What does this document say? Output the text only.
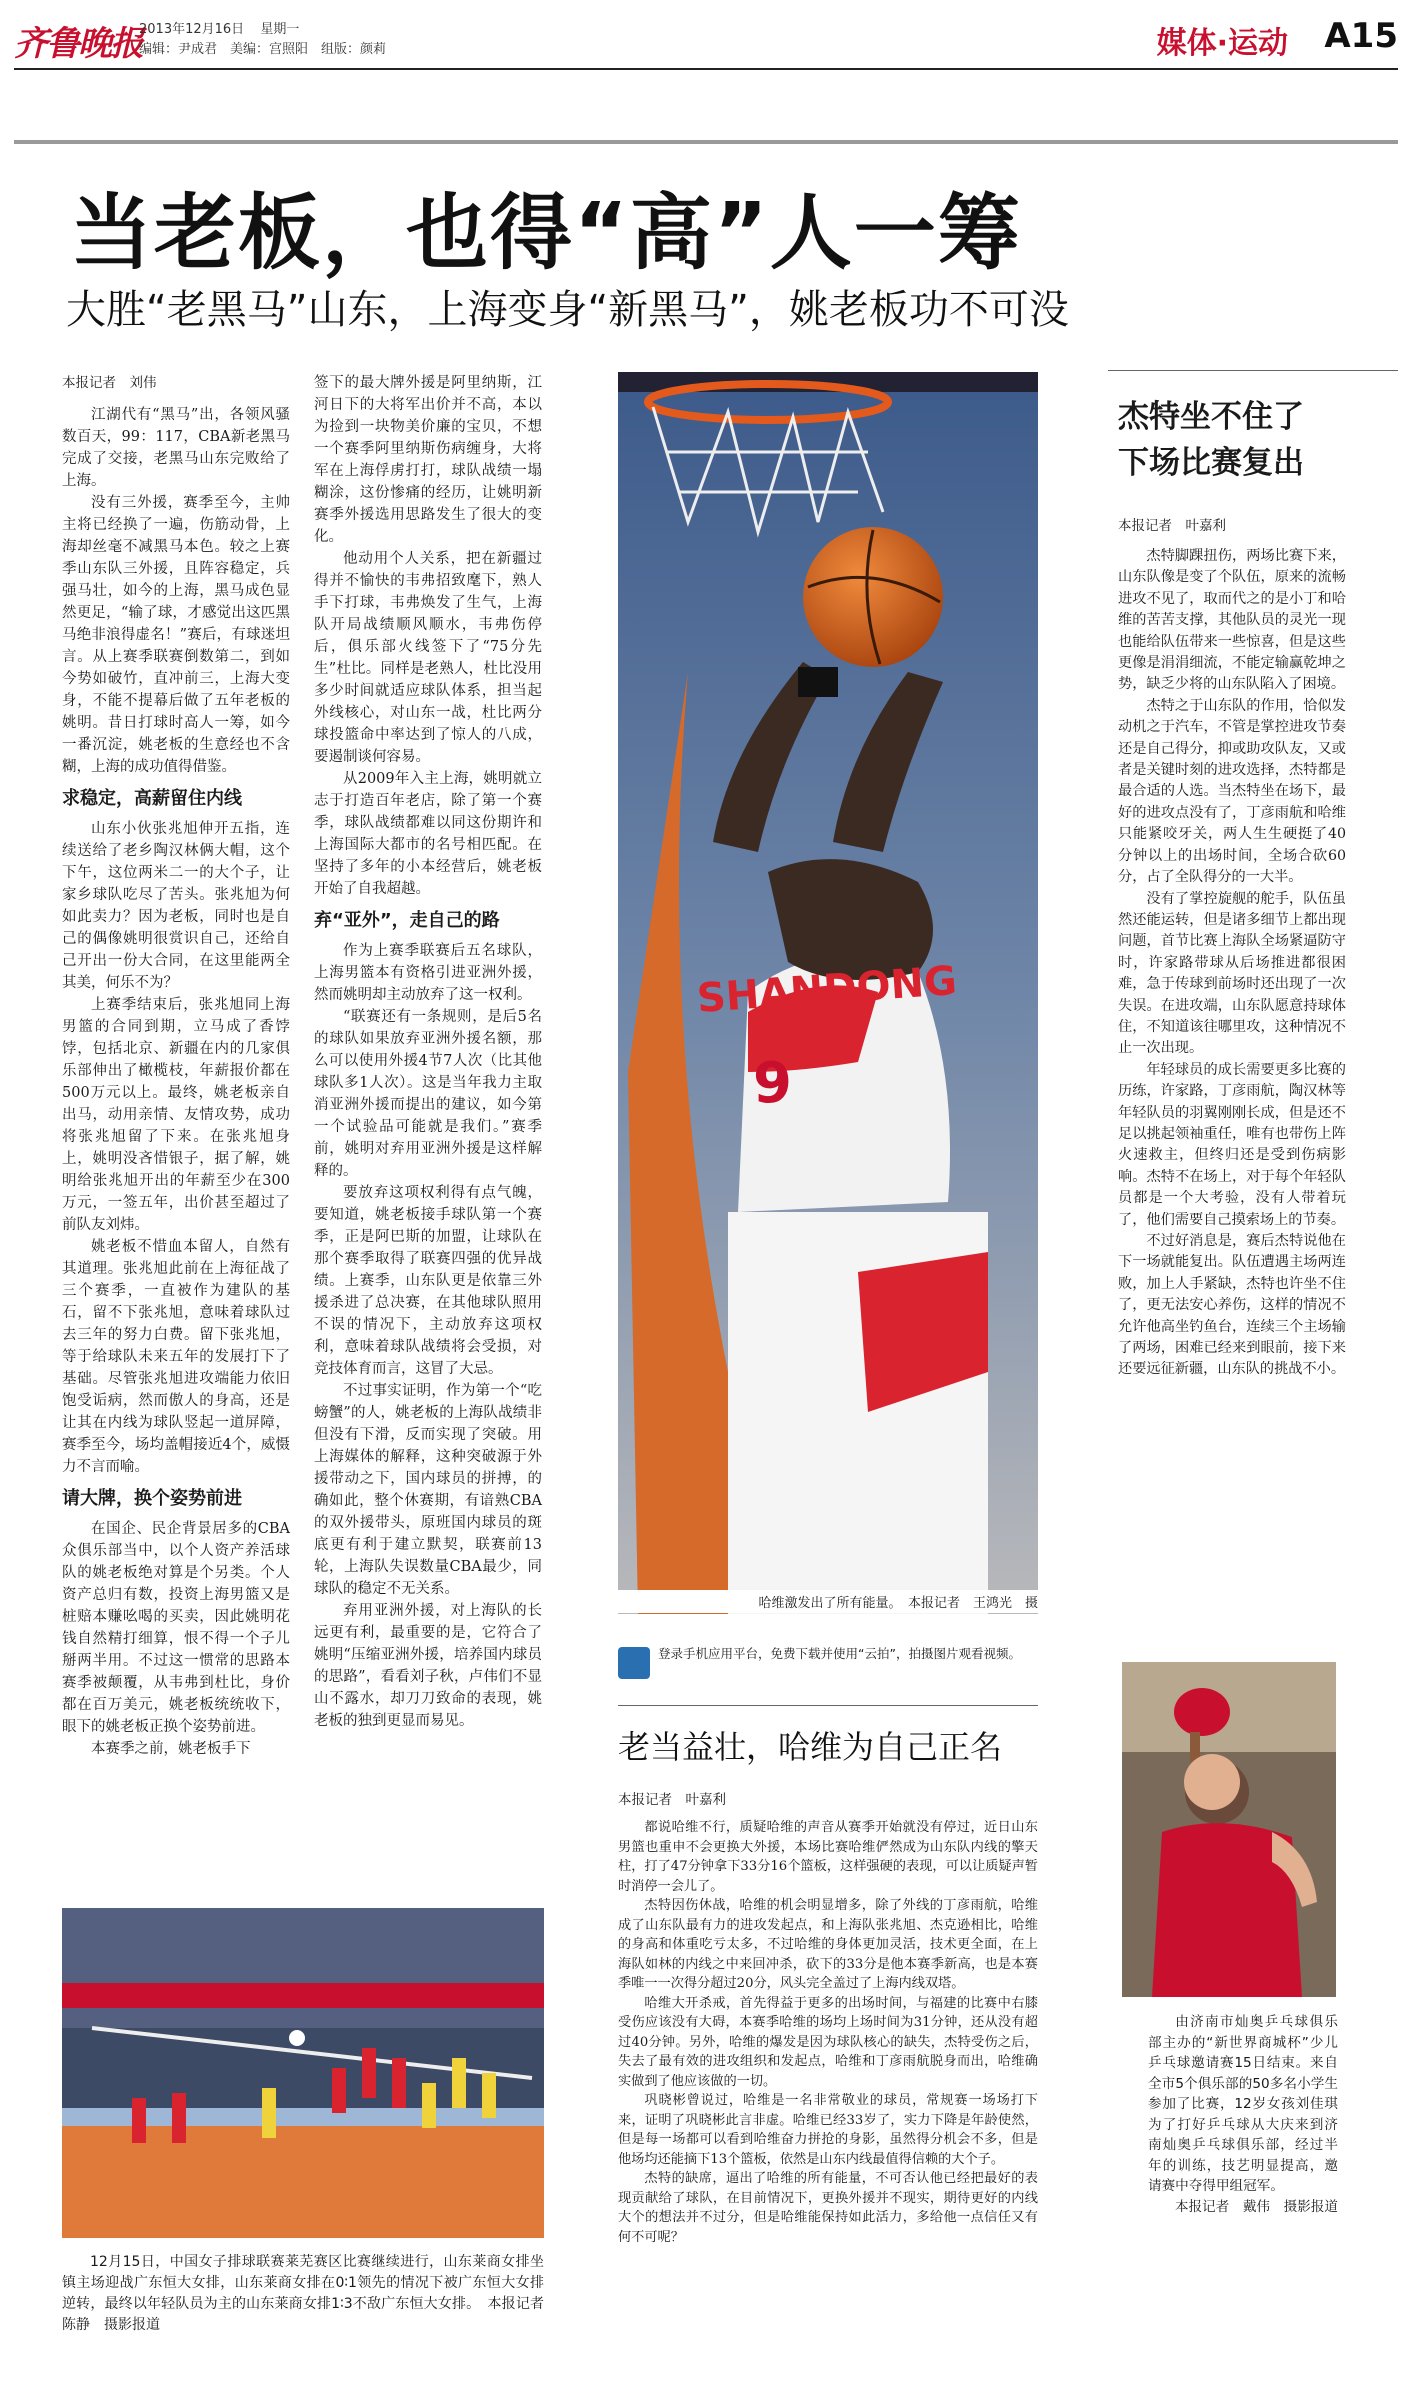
齐鲁晚报
2013年12月16日 星期一
编辑：尹成君　美编：宫照阳　组版：颜莉	媒体·运动 A15
当老板，也得“高”人一筹
大胜“老黑马”山东，上海变身“新黑马”，姚老板功不可没
本报记者　刘伟

江湖代有“黑马”出，各领风骚数百天，99：117，CBA新老黑马完成了交接，老黑马山东完败给了上海。

没有三外援，赛季至今，主帅主将已经换了一遍，伤筋动骨，上海却丝毫不减黑马本色。较之上赛季山东队三外援，且阵容稳定，兵强马壮，如今的上海，黑马成色显然更足，“输了球，才感觉出这匹黑马绝非浪得虚名！”赛后，有球迷坦言。从上赛季联赛倒数第二，到如今势如破竹，直冲前三，上海大变身，不能不提幕后做了五年老板的姚明。昔日打球时高人一筹，如今一番沉淀，姚老板的生意经也不含糊，上海的成功值得借鉴。

求稳定，高薪留住内线

山东小伙张兆旭伸开五指，连续送给了老乡陶汉林俩大帽，这个下午，这位两米二一的大个子，让家乡球队吃尽了苦头。张兆旭为何如此卖力？因为老板，同时也是自己的偶像姚明很赏识自己，还给自己开出一份大合同，在这里能两全其美，何乐不为？

上赛季结束后，张兆旭同上海男篮的合同到期，立马成了香饽饽，包括北京、新疆在内的几家俱乐部伸出了橄榄枝，年薪报价都在500万元以上。最终，姚老板亲自出马，动用亲情、友情攻势，成功将张兆旭留了下来。在张兆旭身上，姚明没吝惜银子，据了解，姚明给张兆旭开出的年薪至少在300万元，一签五年，出价甚至超过了前队友刘炜。

姚老板不惜血本留人，自然有其道理。张兆旭此前在上海征战了三个赛季，一直被作为建队的基石，留不下张兆旭，意味着球队过去三年的努力白费。留下张兆旭，等于给球队未来五年的发展打下了基础。尽管张兆旭进攻端能力依旧饱受诟病，然而傲人的身高，还是让其在内线为球队竖起一道屏障，赛季至今，场均盖帽接近4个，威慑力不言而喻。

请大牌，换个姿势前进

在国企、民企背景居多的CBA众俱乐部当中，以个人资产养活球队的姚老板绝对算是个另类。个人资产总归有数，投资上海男篮又是桩赔本赚吆喝的买卖，因此姚明花钱自然精打细算，恨不得一个子儿掰两半用。不过这一惯常的思路本赛季被颠覆，从韦弗到杜比，身价都在百万美元，姚老板统统收下，眼下的姚老板正换个姿势前进。

本赛季之前，姚老板手下

签下的最大牌外援是阿里纳斯，江河日下的大将军出价并不高，本以为捡到一块物美价廉的宝贝，不想一个赛季阿里纳斯伤病缠身，大将军在上海俘虏打打，球队战绩一塌糊涂，这份惨痛的经历，让姚明新赛季外援选用思路发生了很大的变化。

他动用个人关系，把在新疆过得并不愉快的韦弗招致麾下，熟人手下打球，韦弗焕发了生气，上海队开局战绩顺风顺水，韦弗伤停后，俱乐部火线签下了“75分先生”杜比。同样是老熟人，杜比没用多少时间就适应球队体系，担当起外线核心，对山东一战，杜比两分球投篮命中率达到了惊人的八成，要遏制谈何容易。

从2009年入主上海，姚明就立志于打造百年老店，除了第一个赛季，球队战绩都难以同这份期许和上海国际大都市的名号相匹配。在坚持了多年的小本经营后，姚老板开始了自我超越。

弃“亚外”，走自己的路

作为上赛季联赛后五名球队，上海男篮本有资格引进亚洲外援，然而姚明却主动放弃了这一权利。

“联赛还有一条规则，是后5名的球队如果放弃亚洲外援名额，那么可以使用外援4节7人次（比其他球队多1人次）。这是当年我力主取消亚洲外援而提出的建议，如今第一个试验品可能就是我们。”赛季前，姚明对弃用亚洲外援是这样解释的。

要放弃这项权利得有点气魄，要知道，姚老板接手球队第一个赛季，正是阿巴斯的加盟，让球队在那个赛季取得了联赛四强的优异战绩。上赛季，山东队更是依靠三外援杀进了总决赛，在其他球队照用不误的情况下，主动放弃这项权利，意味着球队战绩将会受损，对竞技体育而言，这冒了大忌。

不过事实证明，作为第一个“吃螃蟹”的人，姚老板的上海队战绩非但没有下滑，反而实现了突破。用上海媒体的解释，这种突破源于外援带动之下，国内球员的拼搏，的确如此，整个休赛期，有谙熟CBA的双外援带头，原班国内球员的斑底更有利于建立默契，联赛前13轮，上海队失误数量CBA最少，同球队的稳定不无关系。

弃用亚洲外援，对上海队的长远更有利，最重要的是，它符合了姚明“压缩亚洲外援，培养国内球员的思路”，看看刘子秋，卢伟们不显山不露水，却刀刀致命的表现，姚老板的独到更显而易见。

SHANDONG
9
哈维激发出了所有能量。　本报记者　王鸿光　摄
登录手机应用平台，免费下载并使用“云拍”，拍摄图片观看视频。
老当益壮，哈维为自己正名
本报记者　叶嘉利

都说哈维不行，质疑哈维的声音从赛季开始就没有停过，近日山东男篮也重申不会更换大外援，本场比赛哈维俨然成为山东队内线的擎天柱，打了47分钟拿下33分16个篮板，这样强硬的表现，可以让质疑声暂时消停一会儿了。

杰特因伤休战，哈维的机会明显增多，除了外线的丁彦雨航，哈维成了山东队最有力的进攻发起点，和上海队张兆旭、杰克逊相比，哈维的身高和体重吃亏太多，不过哈维的身体更加灵活，技术更全面，在上海队如林的内线之中来回冲杀，砍下的33分是他本赛季新高，也是本赛季唯一一次得分超过20分，风头完全盖过了上海内线双塔。

哈维大开杀戒，首先得益于更多的出场时间，与福建的比赛中右膝受伤应该没有大碍，本赛季哈维的场均上场时间为31分钟，还从没有超过40分钟。另外，哈维的爆发是因为球队核心的缺失，杰特受伤之后，失去了最有效的进攻组织和发起点，哈维和丁彦雨航脱身而出，哈维确实做到了他应该做的一切。

巩晓彬曾说过，哈维是一名非常敬业的球员，常规赛一场场打下来，证明了巩晓彬此言非虚。哈维已经33岁了，实力下降是年龄使然，但是每一场都可以看到哈维奋力拼抢的身影，虽然得分机会不多，但是他场均还能摘下13个篮板，依然是山东内线最值得信赖的大个子。

杰特的缺席，逼出了哈维的所有能量，不可否认他已经把最好的表现贡献给了球队，在目前情况下，更换外援并不现实，期待更好的内线大个的想法并不过分，但是哈维能保持如此活力，多给他一点信任又有何不可呢？

12月15日，中国女子排球联赛莱芜赛区比赛继续进行，山东莱商女排坐镇主场迎战广东恒大女排，山东莱商女排在0∶1领先的情况下被广东恒大女排逆转，最终以年轻队员为主的山东莱商女排1∶3不敌广东恒大女排。　本报记者　陈静　摄影报道

杰特坐不住了
下场比赛复出
本报记者　叶嘉利

杰特脚踝扭伤，两场比赛下来，山东队像是变了个队伍，原来的流畅进攻不见了，取而代之的是小丁和哈维的苦苦支撑，其他队员的灵光一现也能给队伍带来一些惊喜，但是这些更像是涓涓细流，不能定输赢乾坤之势，缺乏少将的山东队陷入了困境。

杰特之于山东队的作用，恰似发动机之于汽车，不管是掌控进攻节奏还是自己得分，抑或助攻队友，又或者是关键时刻的进攻选择，杰特都是最合适的人选。当杰特坐在场下，最好的进攻点没有了，丁彦雨航和哈维只能紧咬牙关，两人生生硬挺了40分钟以上的出场时间，全场合砍60分，占了全队得分的一大半。

没有了掌控旋舰的舵手，队伍虽然还能运转，但是诸多细节上都出现问题，首节比赛上海队全场紧逼防守时，许家路带球从后场推进都很困难，急于传球到前场时还出现了一次失误。在进攻端，山东队愿意持球体住，不知道该往哪里攻，这种情况不止一次出现。

年轻球员的成长需要更多比赛的历练，许家路，丁彦雨航，陶汉林等年轻队员的羽翼刚刚长成，但是还不足以挑起领袖重任，唯有也带伤上阵火速救主，但终归还是受到伤病影响。杰特不在场上，对于每个年轻队员都是一个大考验，没有人带着玩了，他们需要自己摸索场上的节奏。

不过好消息是，赛后杰特说他在下一场就能复出。队伍遭遇主场两连败，加上人手紧缺，杰特也许坐不住了，更无法安心养伤，这样的情况不允许他高坐钓鱼台，连续三个主场输了两场，困难已经来到眼前，接下来还要远征新疆，山东队的挑战不小。

由济南市灿奥乒乓球俱乐部主办的“新世界商城杯”少儿乒乓球邀请赛15日结束。来自全市5个俱乐部的50多名小学生参加了比赛，12岁女孩刘佳琪为了打好乒乓球从大庆来到济南灿奥乒乓球俱乐部，经过半年的训练，技艺明显提高，邀请赛中夺得甲组冠军。

本报记者　戴伟　摄影报道
